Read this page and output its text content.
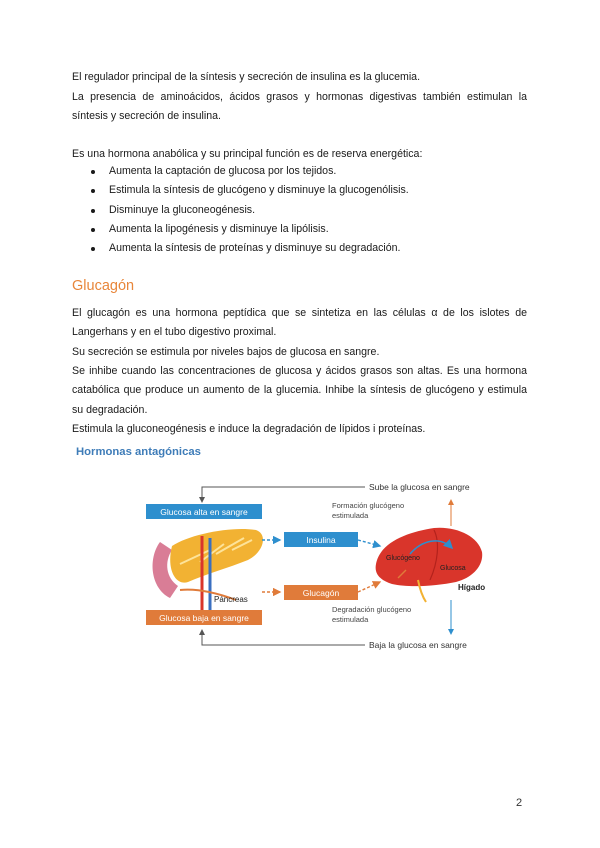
El regulador principal de la síntesis y secreción de insulina es la glucemia.

La presencia de aminoácidos, ácidos grasos y hormonas digestivas también estimulan la síntesis y secreción de insulina.

Es una hormona anabólica y su principal función es de reserva energética:

Aumenta la captación de glucosa por los tejidos.
Estimula la síntesis de glucógeno y disminuye la glucogenólisis.
Disminuye la gluconeogénesis.
Aumenta la lipogénesis y disminuye la lipólisis.
Aumenta la síntesis de proteínas y disminuye su degradación.
Glucagón

El glucagón es una hormona peptídica que se sintetiza en las células α de los islotes de Langerhans y en el tubo digestivo proximal.

Su secreción se estimula por niveles bajos de glucosa en sangre.

Se inhibe cuando las concentraciones de glucosa y ácidos grasos son altas. Es una hormona catabólica que produce un aumento de la glucemia. Inhibe la síntesis de glucógeno y estimula su degradación.

Estimula la gluconeogénesis e induce la degradación de lípidos i proteínas.

Hormonas antagónicas
Sube la glucosa en sangre
Glucosa alta en sangre
Páncreas
Insulina
Glucagón
Formación glucógeno
estimulada
Degradación glucógeno
estimulada
Glucógeno
Glucosa
Hígado
Glucosa baja en sangre
Baja la glucosa en sangre
2
